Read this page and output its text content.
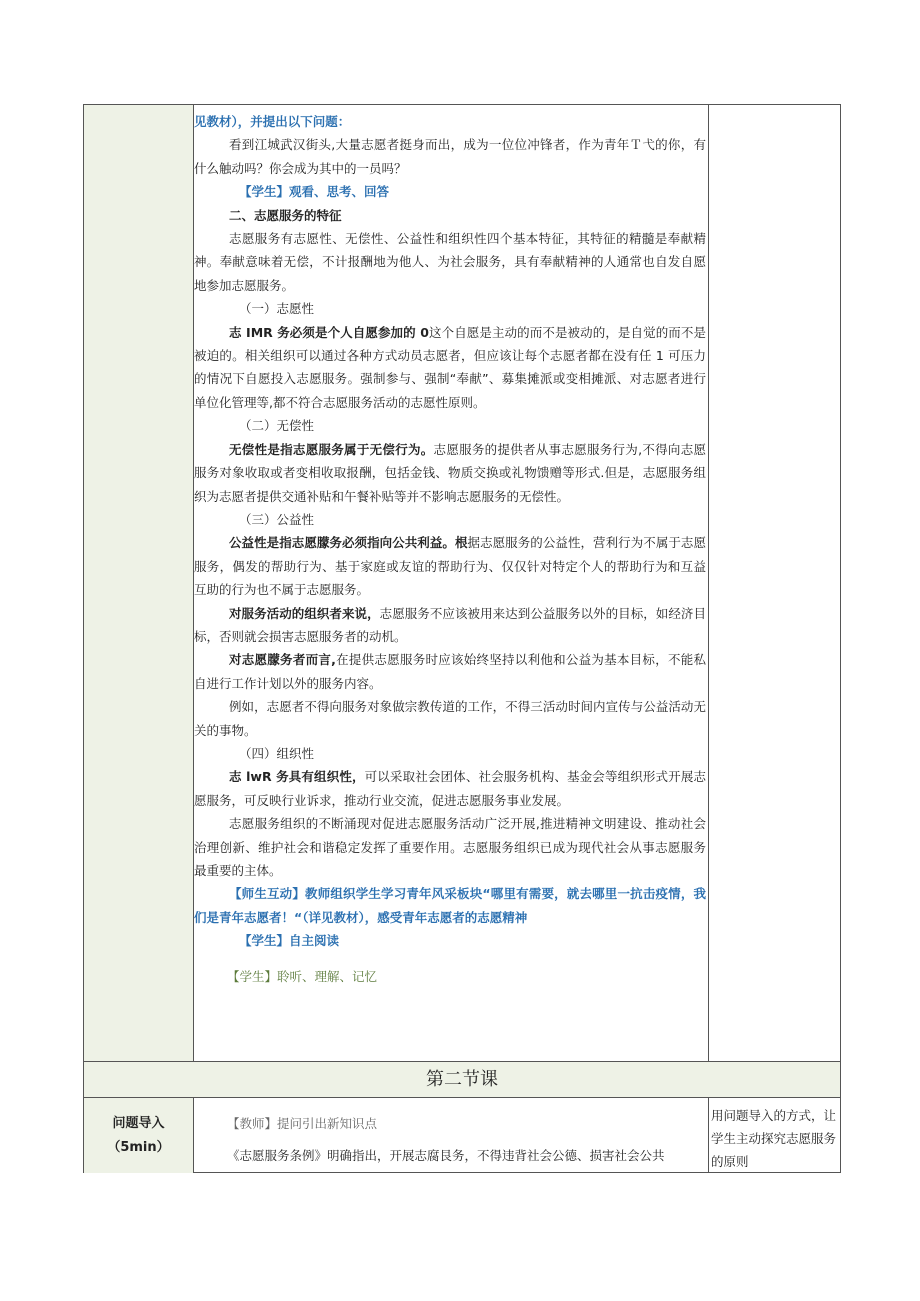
见教材），并提出以下问题：

看到江城武汉街头,大量志愿者挺身而出，成为一位位冲锋者，作为青年Ｔ弋的你，有什么触动吗？你会成为其中的一员吗？

【学生】观看、思考、回答

二、志愿服务的特征

志愿服务有志愿性、无偿性、公益性和组织性四个基本特征，其特征的精髓是奉献精神。奉献意味着无偿，不计报酬地为他人、为社会服务，具有奉献精神的人通常也自发自愿地参加志愿服务。

（一）志愿性

志 IMR 务必须是个人自愿参加的 0这个自愿是主动的而不是被动的，是自觉的而不是被迫的。相关组织可以通过各种方式动员志愿者，但应该让每个志愿者都在没有任 1 可压力的情况下自愿投入志愿服务。强制参与、强制“奉献”、募集摊派或变相摊派、对志愿者进行单位化管理等,都不符合志愿服务活动的志愿性原则。

（二）无偿性

无偿性是指志愿服务属于无偿行为。志愿服务的提供者从事志愿服务行为,不得向志愿服务对象收取或者变相收取报酬，包括金钱、物质交换或礼物馈赠等形式.但是，志愿服务组织为志愿者提供交通补贴和午餐补贴等并不影响志愿服务的无偿性。

（三）公益性

公益性是指志愿朦务必须指向公共利益。根据志愿服务的公益性，营利行为不属于志愿服务，偶发的帮助行为、基于家庭或友谊的帮助行为、仅仅针对特定个人的帮助行为和互益互助的行为也不属于志愿服务。

对服务活动的组织者来说，志愿服务不应该被用来达到公益服务以外的目标，如经济目标，否则就会损害志愿服务者的动机。

对志愿朦务者而言,在提供志愿服务时应该始终坚持以利他和公益为基本目标，不能私自进行工作计划以外的服务内容。

例如，志愿者不得向服务对象做宗教传道的工作，不得三活动时间内宣传与公益活动无关的事物。

（四）组织性

志 lwR 务具有组织性，可以采取社会团体、社会服务机构、基金会等组织形式开展志愿服务，可反映行业诉求，推动行业交流，促进志愿服务事业发展。

志愿服务组织的不断涌现对促进志愿服务活动广泛开展,推进精神文明建设、推动社会治理创新、维护社会和谐稳定发挥了重要作用。志愿服务组织已成为现代社会从事志愿服务最重要的主体。

【师生互动】教师组织学生学习青年风采板块“哪里有需要，就去哪里一抗击疫情，我们是青年志愿者！“（详见教材），感受青年志愿者的志愿精神

【学生】自主阅读

【学生】聆听、理解、记忆

第二节课
问题导入
（5min）
【教师】提问引出新知识点
《志愿服务条例》明确指出，开展志腐艮务，不得违背社会公德、损害社会公共
用问题导入的方式，让学生主动探究志愿服务的原则
